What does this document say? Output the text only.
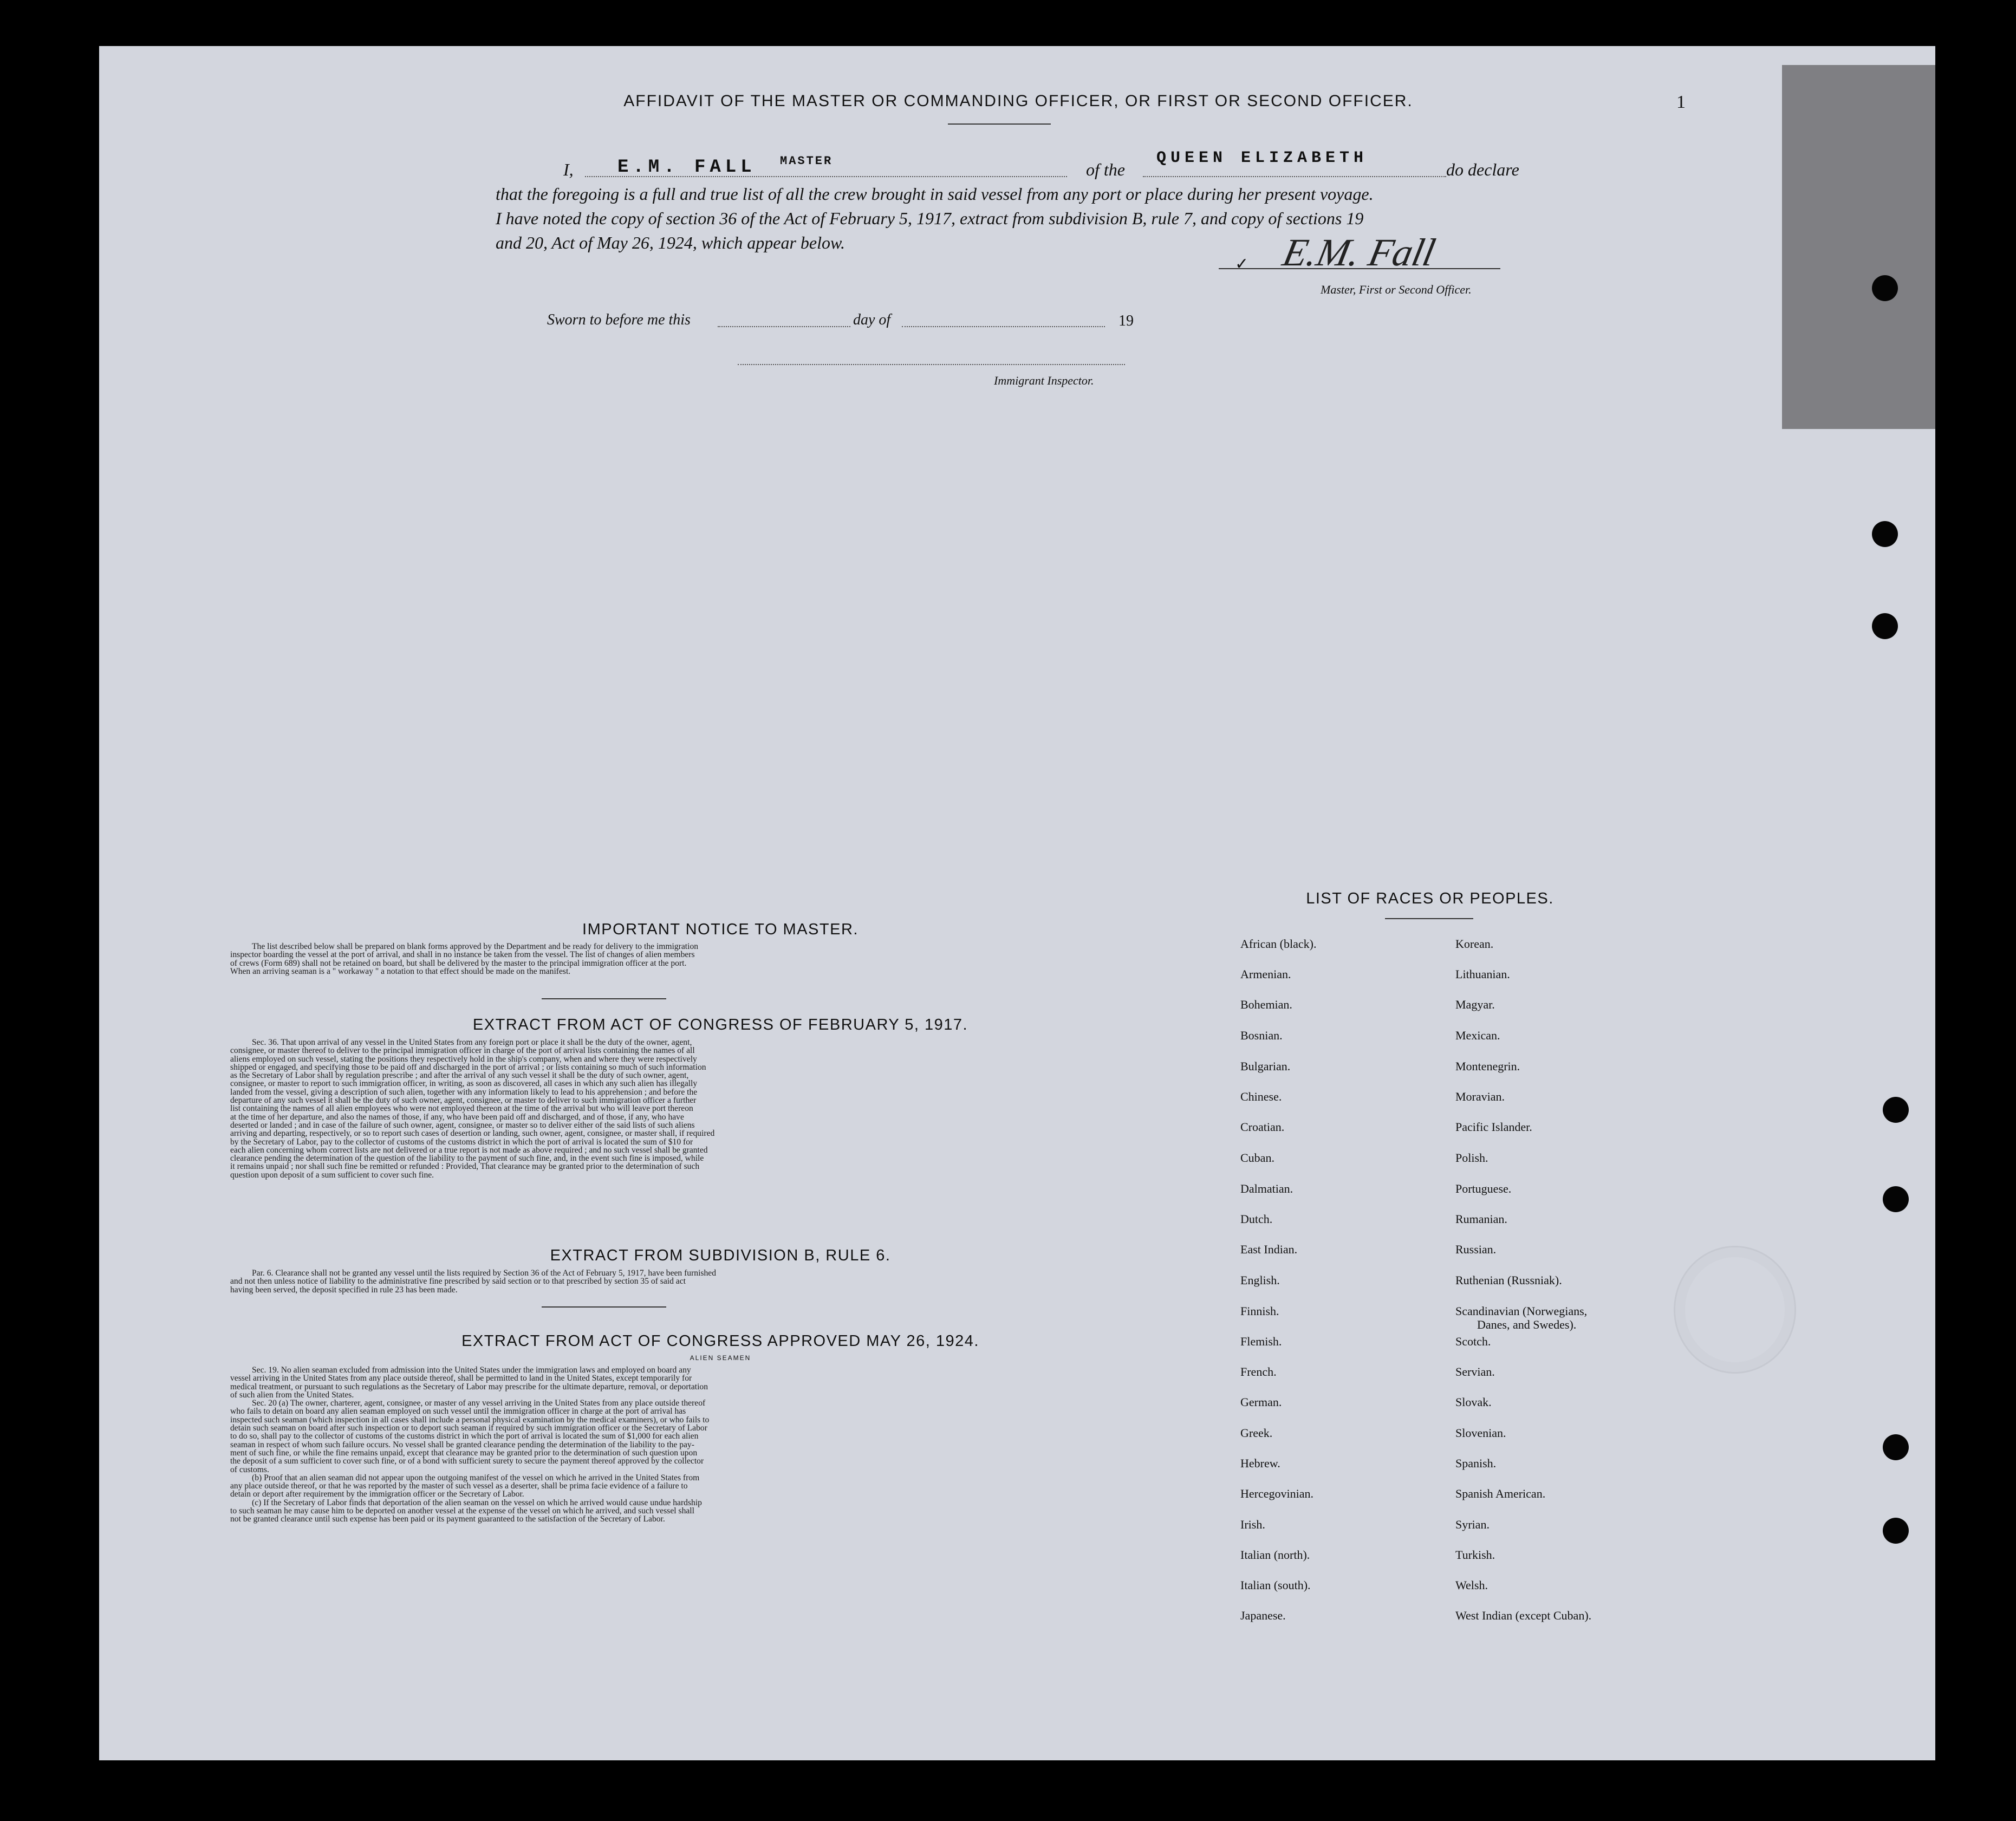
AFFIDAVIT OF THE MASTER OR COMMANDING OFFICER, OR FIRST OR SECOND OFFICER.	1
I, E.M. FALL MASTER	of the
QUEEN ELIZABETH
do declare
that the foregoing is a full and true list of all the crew brought in said vessel from any port or place during her present voyage.
I have noted the copy of section 36 of the Act of February 5, 1917, extract from subdivision B, rule 7, and copy of sections 19
and 20, Act of May 26, 1924, which appear below.
✓ E.M. Fall
Master, First or Second Officer.
Sworn to before me this	day of	19
Immigrant Inspector.
IMPORTANT NOTICE TO MASTER.
The list described below shall be prepared on blank forms approved by the Department and be ready for delivery to the immigration
inspector boarding the vessel at the port of arrival, and shall in no instance be taken from the vessel. The list of changes of alien members
of crews (Form 689) shall not be retained on board, but shall be delivered by the master to the principal immigration officer at the port.
When an arriving seaman is a " workaway " a notation to that effect should be made on the manifest.
EXTRACT FROM ACT OF CONGRESS OF FEBRUARY 5, 1917.
Sec. 36. That upon arrival of any vessel in the United States from any foreign port or place it shall be the duty of the owner, agent,
consignee, or master thereof to deliver to the principal immigration officer in charge of the port of arrival lists containing the names of all
aliens employed on such vessel, stating the positions they respectively hold in the ship's company, when and where they were respectively
shipped or engaged, and specifying those to be paid off and discharged in the port of arrival ; or lists containing so much of such information
as the Secretary of Labor shall by regulation prescribe ; and after the arrival of any such vessel it shall be the duty of such owner, agent,
consignee, or master to report to such immigration officer, in writing, as soon as discovered, all cases in which any such alien has illegally
landed from the vessel, giving a description of such alien, together with any information likely to lead to his apprehension ; and before the
departure of any such vessel it shall be the duty of such owner, agent, consignee, or master to deliver to such immigration officer a further
list containing the names of all alien employees who were not employed thereon at the time of the arrival but who will leave port thereon
at the time of her departure, and also the names of those, if any, who have been paid off and discharged, and of those, if any, who have
deserted or landed ; and in case of the failure of such owner, agent, consignee, or master so to deliver either of the said lists of such aliens
arriving and departing, respectively, or so to report such cases of desertion or landing, such owner, agent, consignee, or master shall, if required
by the Secretary of Labor, pay to the collector of customs of the customs district in which the port of arrival is located the sum of $10 for
each alien concerning whom correct lists are not delivered or a true report is not made as above required ; and no such vessel shall be granted
clearance pending the determination of the question of the liability to the payment of such fine, and, in the event such fine is imposed, while
it remains unpaid ; nor shall such fine be remitted or refunded : Provided, That clearance may be granted prior to the determination of such
question upon deposit of a sum sufficient to cover such fine.
EXTRACT FROM SUBDIVISION B, RULE 6.
Par. 6. Clearance shall not be granted any vessel until the lists required by Section 36 of the Act of February 5, 1917, have been furnished
and not then unless notice of liability to the administrative fine prescribed by said section or to that prescribed by section 35 of said act
having been served, the deposit specified in rule 23 has been made.
EXTRACT FROM ACT OF CONGRESS APPROVED MAY 26, 1924.
ALIEN SEAMEN
Sec. 19. No alien seaman excluded from admission into the United States under the immigration laws and employed on board any
vessel arriving in the United States from any place outside thereof, shall be permitted to land in the United States, except temporarily for
medical treatment, or pursuant to such regulations as the Secretary of Labor may prescribe for the ultimate departure, removal, or deportation
of such alien from the United States.
Sec. 20 (a) The owner, charterer, agent, consignee, or master of any vessel arriving in the United States from any place outside thereof
who fails to detain on board any alien seaman employed on such vessel until the immigration officer in charge at the port of arrival has
inspected such seaman (which inspection in all cases shall include a personal physical examination by the medical examiners), or who fails to
detain such seaman on board after such inspection or to deport such seaman if required by such immigration officer or the Secretary of Labor
to do so, shall pay to the collector of customs of the customs district in which the port of arrival is located the sum of $1,000 for each alien
seaman in respect of whom such failure occurs. No vessel shall be granted clearance pending the determination of the liability to the pay-
ment of such fine, or while the fine remains unpaid, except that clearance may be granted prior to the determination of such question upon
the deposit of a sum sufficient to cover such fine, or of a bond with sufficient surety to secure the payment thereof approved by the collector
of customs.
(b) Proof that an alien seaman did not appear upon the outgoing manifest of the vessel on which he arrived in the United States from
any place outside thereof, or that he was reported by the master of such vessel as a deserter, shall be prima facie evidence of a failure to
detain or deport after requirement by the immigration officer or the Secretary of Labor.
(c) If the Secretary of Labor finds that deportation of the alien seaman on the vessel on which he arrived would cause undue hardship
to such seaman he may cause him to be deported on another vessel at the expense of the vessel on which he arrived, and such vessel shall
not be granted clearance until such expense has been paid or its payment guaranteed to the satisfaction of the Secretary of Labor.
LIST OF RACES OR PEOPLES.
African (black).
Armenian.
Bohemian.
Bosnian.
Bulgarian.
Chinese.
Croatian.
Cuban.
Dalmatian.
Dutch.
East Indian.
English.
Finnish.
Flemish.
French.
German.
Greek.
Hebrew.
Hercegovinian.
Irish.
Italian (north).
Italian (south).
Japanese.
Korean.
Lithuanian.
Magyar.
Mexican.
Montenegrin.
Moravian.
Pacific Islander.
Polish.
Portuguese.
Rumanian.
Russian.
Ruthenian (Russniak).
Scandinavian (Norwegians,
Danes, and Swedes).
Scotch.
Servian.
Slovak.
Slovenian.
Spanish.
Spanish American.
Syrian.
Turkish.
Welsh.
West Indian (except Cuban).
